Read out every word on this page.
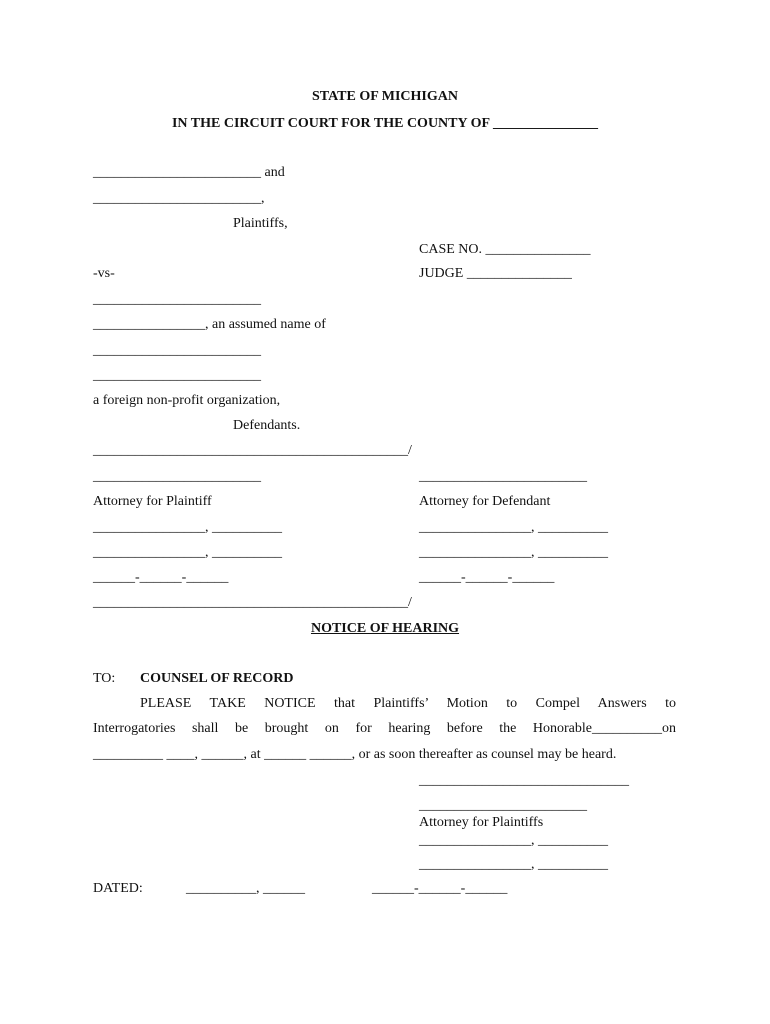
STATE OF MICHIGAN
IN THE CIRCUIT COURT FOR THE COUNTY OF _______________
________________________ and
________________________,
Plaintiffs,
CASE NO. _______________
-vs-	JUDGE _______________
________________________
________________, an assumed name of
________________________
________________________
a foreign non-profit organization,
Defendants.
_____________________________________________/
________________________	________________________
Attorney for Plaintiff	Attorney for Defendant
________________, __________	________________, __________
________________, __________	________________, __________
______-______-______	______-______-______
_____________________________________________/
NOTICE OF HEARING
TO: COUNSEL OF RECORD
PLEASE TAKE NOTICE that Plaintiffs’ Motion to Compel Answers to
Interrogatories shall be brought on for hearing before the Honorable__________on
__________ ____, ______, at ______ ______, or as soon thereafter as counsel may be heard.
______________________________
________________________
Attorney for Plaintiffs
________________, __________
________________, __________
DATED:	__________, ______	______-______-______
